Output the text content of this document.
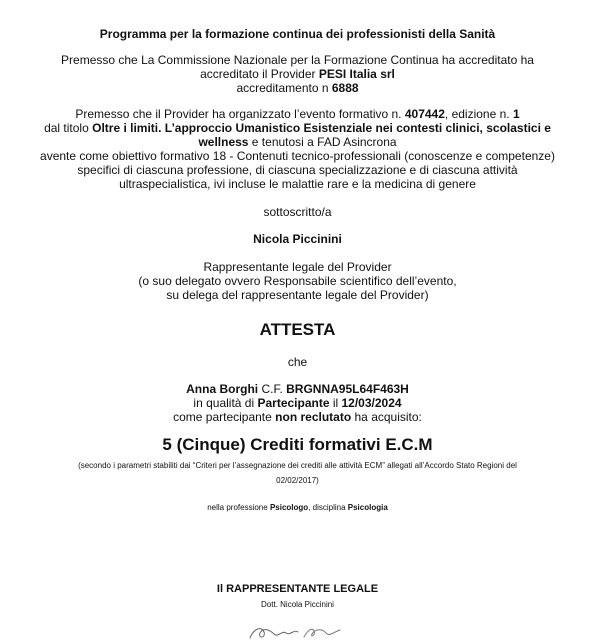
Programma per la formazione continua dei professionisti della Sanità
Premesso che La Commissione Nazionale per la Formazione Continua ha accreditato ha
accreditato il Provider PESI Italia srl
accreditamento n 6888
Premesso che il Provider ha organizzato l’evento formativo n. 407442, edizione n. 1
dal titolo Oltre i limiti. L’approccio Umanistico Esistenziale nei contesti clinici, scolastici e
wellness e tenutosi a FAD Asincrona
avente come obiettivo formativo 18 - Contenuti tecnico-professionali (conoscenze e competenze)
specifici di ciascuna professione, di ciascuna specializzazione e di ciascuna attività
ultraspecialistica, ivi incluse le malattie rare e la medicina di genere
sottoscritto/a
Nicola Piccinini
Rappresentante legale del Provider
(o suo delegato ovvero Responsabile scientifico dell’evento,
su delega del rappresentante legale del Provider)
ATTESTA
che
Anna Borghi C.F. BRGNNA95L64F463H
in qualità di Partecipante il 12/03/2024
come partecipante non reclutato ha acquisito:
5 (Cinque) Crediti formativi E.C.M
(secondo i parametri stabiliti dai “Criteri per l’assegnazione dei crediti alle attività ECM” allegati all’Accordo Stato Regioni del
02/02/2017)
nella professione Psicologo, disciplina Psicologia
Il RAPPRESENTANTE LEGALE
Dott. Nicola Piccinini
